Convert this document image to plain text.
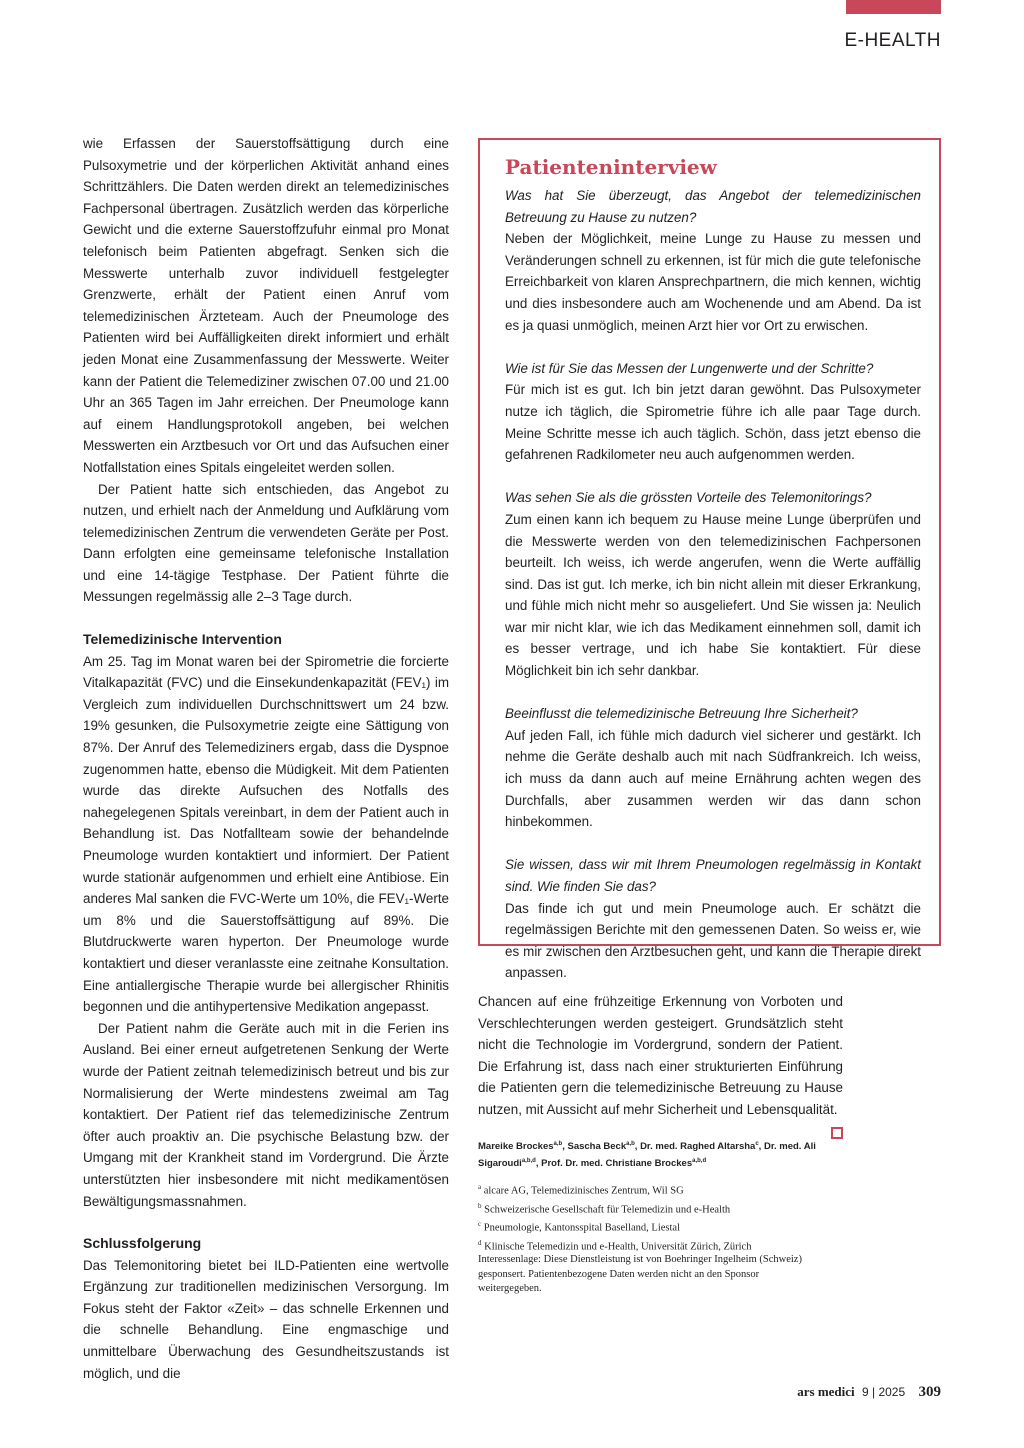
E-HEALTH

wie Erfassen der Sauerstoffsättigung durch eine Pulsoxymetrie und der körperlichen Aktivität anhand eines Schrittzählers. Die Daten werden direkt an telemedizinisches Fachpersonal übertragen. Zusätzlich werden das körperliche Gewicht und die externe Sauerstoffzufuhr einmal pro Monat telefonisch beim Patienten abgefragt. Senken sich die Messwerte unterhalb zuvor individuell festgelegter Grenzwerte, erhält der Patient einen Anruf vom telemedizinischen Ärzteteam. Auch der Pneumologe des Patienten wird bei Auffälligkeiten direkt informiert und erhält jeden Monat eine Zusammenfassung der Messwerte. Weiter kann der Patient die Telemediziner zwischen 07.00 und 21.00 Uhr an 365 Tagen im Jahr erreichen. Der Pneumologe kann auf einem Handlungsprotokoll angeben, bei welchen Messwerten ein Arztbesuch vor Ort und das Aufsuchen einer Notfallstation eines Spitals eingeleitet werden sollen.

Der Patient hatte sich entschieden, das Angebot zu nutzen, und erhielt nach der Anmeldung und Aufklärung vom telemedizinischen Zentrum die verwendeten Geräte per Post. Dann erfolgten eine gemeinsame telefonische Installation und eine 14-tägige Testphase. Der Patient führte die Messungen regelmässig alle 2–3 Tage durch.

Telemedizinische Intervention

Am 25. Tag im Monat waren bei der Spirometrie die forcierte Vitalkapazität (FVC) und die Einsekundenkapazität (FEV₁) im Vergleich zum individuellen Durchschnittswert um 24 bzw. 19% gesunken, die Pulsoxymetrie zeigte eine Sättigung von 87%. Der Anruf des Telemediziners ergab, dass die Dyspnoe zugenommen hatte, ebenso die Müdigkeit. Mit dem Patienten wurde das direkte Aufsuchen des Notfalls des nahegelegenen Spitals vereinbart, in dem der Patient auch in Behandlung ist. Das Notfallteam sowie der behandelnde Pneumologe wurden kontaktiert und informiert. Der Patient wurde stationär aufgenommen und erhielt eine Antibiose. Ein anderes Mal sanken die FVC-Werte um 10%, die FEV₁-Werte um 8% und die Sauerstoffsättigung auf 89%. Die Blutdruckwerte waren hyperton. Der Pneumologe wurde kontaktiert und dieser veranlasste eine zeitnahe Konsultation. Eine antiallergische Therapie wurde bei allergischer Rhinitis begonnen und die antihypertensive Medikation angepasst.

Der Patient nahm die Geräte auch mit in die Ferien ins Ausland. Bei einer erneut aufgetretenen Senkung der Werte wurde der Patient zeitnah telemedizinisch betreut und bis zur Normalisierung der Werte mindestens zweimal am Tag kontaktiert. Der Patient rief das telemedizinische Zentrum öfter auch proaktiv an. Die psychische Belastung bzw. der Umgang mit der Krankheit stand im Vordergrund. Die Ärzte unterstützten hier insbesondere mit nicht medikamentösen Bewältigungsmassnahmen.

Schlussfolgerung

Das Telemonitoring bietet bei ILD-Patienten eine wertvolle Ergänzung zur traditionellen medizinischen Versorgung. Im Fokus steht der Faktor «Zeit» – das schnelle Erkennen und die schnelle Behandlung. Eine engmaschige und unmittelbare Überwachung des Gesundheitszustands ist möglich, und die

Patienteninterview

Was hat Sie überzeugt, das Angebot der telemedizinischen Betreuung zu Hause zu nutzen?

Neben der Möglichkeit, meine Lunge zu Hause zu messen und Veränderungen schnell zu erkennen, ist für mich die gute telefonische Erreichbarkeit von klaren Ansprechpartnern, die mich kennen, wichtig und dies insbesondere auch am Wochenende und am Abend. Da ist es ja quasi unmöglich, meinen Arzt hier vor Ort zu erwischen.

Wie ist für Sie das Messen der Lungenwerte und der Schritte?

Für mich ist es gut. Ich bin jetzt daran gewöhnt. Das Pulsoxymeter nutze ich täglich, die Spirometrie führe ich alle paar Tage durch. Meine Schritte messe ich auch täglich. Schön, dass jetzt ebenso die gefahrenen Radkilometer neu auch aufgenommen werden.

Was sehen Sie als die grössten Vorteile des Telemonitorings?

Zum einen kann ich bequem zu Hause meine Lunge überprüfen und die Messwerte werden von den telemedizinischen Fachpersonen beurteilt. Ich weiss, ich werde angerufen, wenn die Werte auffällig sind. Das ist gut. Ich merke, ich bin nicht allein mit dieser Erkrankung, und fühle mich nicht mehr so ausgeliefert. Und Sie wissen ja: Neulich war mir nicht klar, wie ich das Medikament einnehmen soll, damit ich es besser vertrage, und ich habe Sie kontaktiert. Für diese Möglichkeit bin ich sehr dankbar.

Beeinflusst die telemedizinische Betreuung Ihre Sicherheit?

Auf jeden Fall, ich fühle mich dadurch viel sicherer und gestärkt. Ich nehme die Geräte deshalb auch mit nach Südfrankreich. Ich weiss, ich muss da dann auch auf meine Ernährung achten wegen des Durchfalls, aber zusammen werden wir das dann schon hinbekommen.

Sie wissen, dass wir mit Ihrem Pneumologen regelmässig in Kontakt sind. Wie finden Sie das?

Das finde ich gut und mein Pneumologe auch. Er schätzt die regelmässigen Berichte mit den gemessenen Daten. So weiss er, wie es mir zwischen den Arztbesuchen geht, und kann die Therapie direkt anpassen.

Chancen auf eine frühzeitige Erkennung von Vorboten und Verschlechterungen werden gesteigert. Grundsätzlich steht nicht die Technologie im Vordergrund, sondern der Patient. Die Erfahrung ist, dass nach einer strukturierten Einführung die Patienten gern die telemedizinische Betreuung zu Hause nutzen, mit Aussicht auf mehr Sicherheit und Lebensqualität.

Mareike Brockes$^{a,b}$, Sascha Beck$^{a,b}$, Dr. med. Raghed Altarsha$^c$, Dr. med. Ali Sigaroudi$^{a,b,d}$, Prof. Dr. med. Christiane Brockes$^{a,b,d}$
$^a$ alcare AG, Telemedizinisches Zentrum, Wil SG
$^b$ Schweizerische Gesellschaft für Telemedizin und e-Health
$^c$ Pneumologie, Kantonsspital Baselland, Liestal
$^d$ Klinische Telemedizin und e-Health, Universität Zürich, Zürich
Interessenlage: Diese Dienstleistung ist von Boehringer Ingelheim (Schweiz) gesponsert. Patientenbezogene Daten werden nicht an den Sponsor weitergegeben.
ars medici 9 | 2025 309
